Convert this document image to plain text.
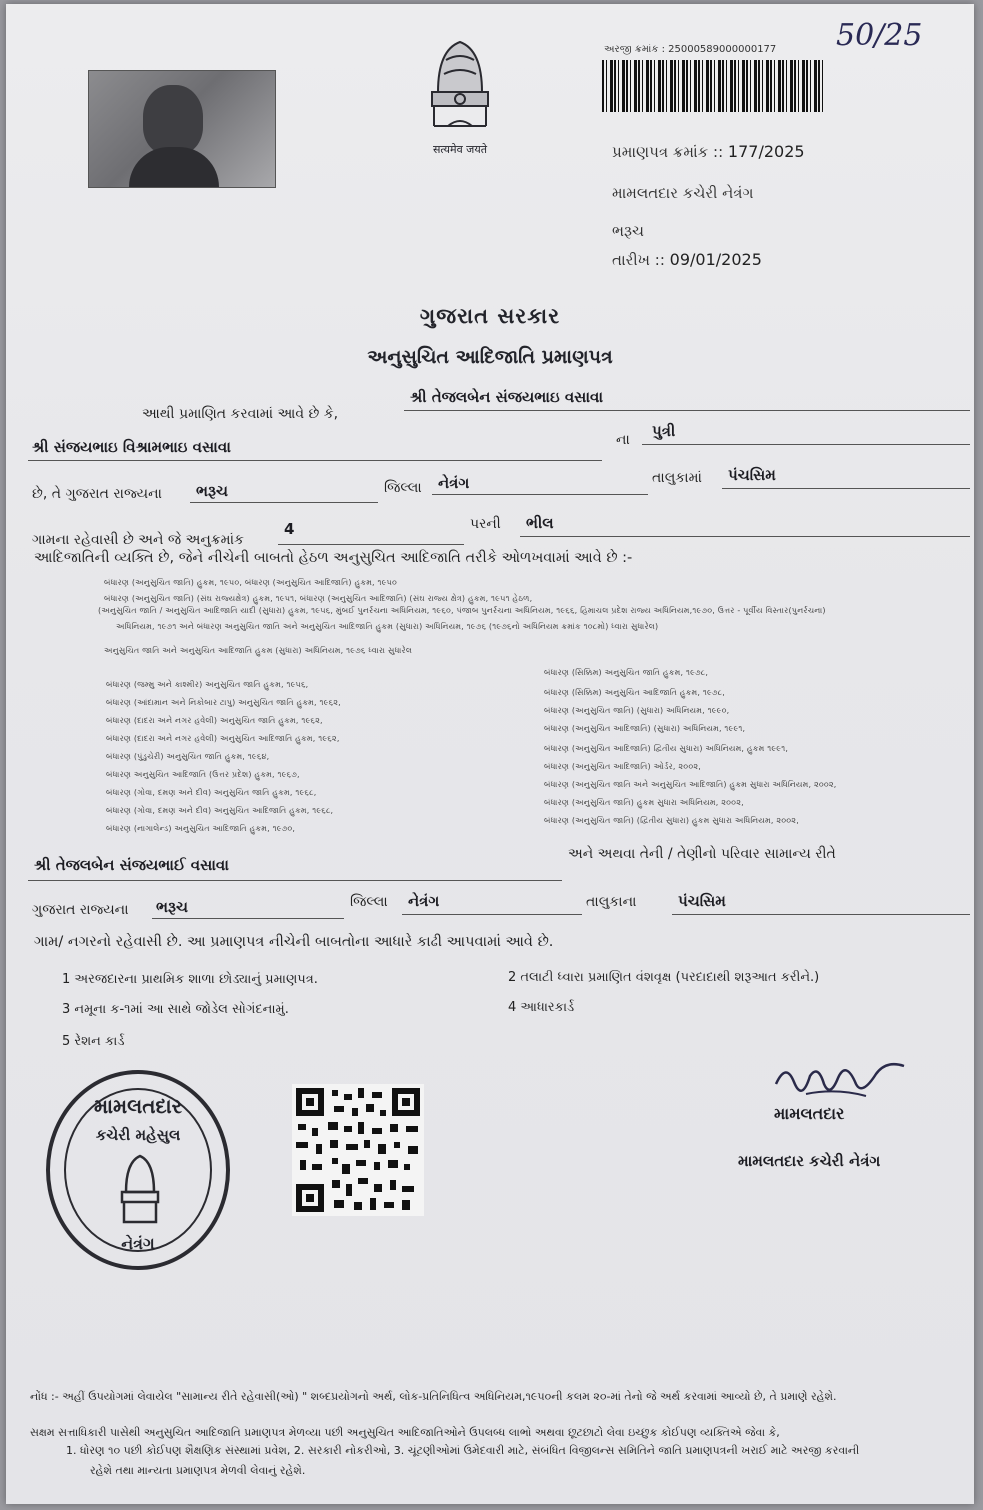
सत्यमेव जयते
અરજી ક્રમાંક : 25000589000000177 50/25
પ્રમાણપત્ર ક્રમાંક :: 177/2025
મામલતદાર કચેરી નેત્રંગ
ભરૂચ
તારીખ :: 09/01/2025
ગુજરાત સરકાર
અનુસુચિત આદિજાતિ પ્રમાણપત્ર
આથી પ્રમાણિત કરવામાં આવે છે કે,
શ્રી તેજલબેન સંજયભાઇ વસાવા
શ્રી સંજયભાઇ વિશ્રામભાઇ વસાવા	ના પુત્રી
છે, તે ગુજરાત રાજ્યના ભરૂચ	જિલ્લા નેત્રંગ	તાલુકામાં પંચસિમ
ગામના રહેવાસી છે અને જે અનુક્રમાંક
4	પરની ભીલ
આદિજાતિની વ્યક્તિ છે, જેને નીચેની બાબતો હેઠળ અનુસુચિત આદિજાતિ તરીકે ઓળખવામાં આવે છે :-
બંધારણ (અનુસુચિત જાતિ) હુકમ, ૧૯૫૦, બંધારણ (અનુસુચિત આદિજાતિ) હુકમ, ૧૯૫૦
બંધારણ (અનુસુચિત જાતિ) (સંઘ રાજ્યક્ષેત્ર) હુકમ, ૧૯૫૧, બંધારણ (અનુસુચિત આદિજાતિ) (સંઘ રાજ્ય ક્ષેત્ર) હુકમ, ૧૯૫૧ હેઠળ,
(અનુસુચિત જાતિ / અનુસુચિત આદિજાતિ યાદી (સુધારા) હુકમ, ૧૯૫૬, મુંબઈ પુનર્રચના અધિનિયમ, ૧૯૬૦, પંજાબ પુનર્રચના અધિનિયમ, ૧૯૬૬, હિમાચલ પ્રદેશ રાજ્ય અધિનિયમ,૧૯૭૦, ઉત્તર - પૂર્વીય વિસ્તાર(પુનર્રચના)
અધિનિયમ, ૧૯૭૧ અને બંધારણ અનુસુચિત જાતિ અને અનુસુચિત આદિજાતિ હુકમ (સુધારા) અધિનિયમ, ૧૯૭૬ (૧૯૭૬નો અધિનિયમ ક્રમાંક ૧૦૮મો) ધ્વારા સુધારેલ)
અનુસુચિત જાતિ અને અનુસુચિત આદિજાતિ હુકમ (સુધારા) અધિનિયમ, ૧૯૭૬ ધ્વારા સુધારેલ
બંધારણ (જમ્મુ અને કાશ્મીર) અનુસુચિત જાતિ હુકમ, ૧૯૫૬,
બંધારણ (આંદામાન અને નિકોબાર ટાપુ) અનુસુચિત જાતિ હુકમ, ૧૯૬૨,
બંધારણ (દાદરા અને નગર હવેલી) અનુસુચિત જાતિ હુકમ, ૧૯૬૨,
બંધારણ (દાદરા અને નગર હવેલી) અનુસુચિત આદિજાતિ હુકમ, ૧૯૬૨,
બંધારણ (પુંડુચેરી) અનુસુચિત જાતિ હુકમ, ૧૯૬૪,
બંધારણ અનુસુચિત આદિજાતિ (ઉત્તર પ્રદેશ) હુકમ, ૧૯૬૭,
બંધારણ (ગોવા, દમણ અને દીવ) અનુસુચિત જાતિ હુકમ, ૧૯૬૮,
બંધારણ (ગોવા, દમણ અને દીવ) અનુસુચિત આદિજાતિ હુકમ, ૧૯૬૮,
બંધારણ (નાગાલેન્ડ) અનુસુચિત આદિજાતિ હુકમ, ૧૯૭૦,
બંધારણ (સિક્કિમ) અનુસુચિત જાતિ હુકમ, ૧૯૭૮,
બંધારણ (સિક્કિમ) અનુસુચિત આદિજાતિ હુકમ, ૧૯૭૮,
બંધારણ (અનુસુચિત જાતિ) (સુધારા) અધિનિયમ, ૧૯૯૦,
બંધારણ (અનુસુચિત આદિજાતિ) (સુધારા) અધિનિયમ, ૧૯૯૧,
બંધારણ (અનુસુચિત આદિજાતિ) દ્વિતીય સુધારા) અધિનિયમ, હુકમ ૧૯૯૧,
બંધારણ (અનુસુચિત આદિજાતિ) ઓર્ડર, ૨૦૦૨,
બંધારણ (અનુસુચિત જાતિ અને અનુસુચિત આદિજાતિ) હુકમ સુધારા અધિનિયમ, ૨૦૦૨,
બંધારણ (અનુસુચિત જાતિ) હુકમ સુધારા અધિનિયમ, ૨૦૦૨,
બંધારણ (અનુસુચિત જાતિ) (દ્વિતીય સુધારા) હુકમ સુધારા અધિનિયમ, ૨૦૦૨,
શ્રી તેજલબેન સંજયભાઈ વસાવા
અને અથવા તેની / તેણીનો પરિવાર સામાન્ય રીતે
ગુજરાત રાજ્યના ભરૂચ	જિલ્લા નેત્રંગ	તાલુકાના	પંચસિમ
ગામ/ નગરનો રહેવાસી છે. આ પ્રમાણપત્ર નીચેની બાબતોના આધારે કાઢી આપવામાં આવે છે.
1 અરજદારના પ્રાથમિક શાળા છોડ્યાનું પ્રમાણપત્ર.	2 તલાટી ધ્વારા પ્રમાણિત વંશવૃક્ષ (પરદાદાથી શરૂઆત કરીને.)
3 નમૂના ક-૧માં આ સાથે જોડેલ સોગંદનામું.	4 આધારકાર્ડ
5 રેશન કાર્ડ
મામલતદાર
કચેરી મહેસુલ
નેત્રંગ
મામલતદાર
મામલતદાર કચેરી નેત્રંગ
નોંધ :- અહીં ઉપયોગમાં લેવાયેલ "સામાન્ય રીતે રહેવાસી(ઓ) " શબ્દપ્રયોગનો અર્થ, લોક-પ્રતિનિધિત્વ અધિનિયમ,૧૯૫૦ની કલમ ૨૦-માં તેનો જે અર્થ કરવામાં આવ્યો છે, તે પ્રમાણે રહેશે.
સક્ષમ સત્તાધિકારી પાસેથી અનુસુચિત આદિજાતિ પ્રમાણપત્ર મેળવ્યા પછી અનુસુચિત આદિજાતિઓને ઉપલબ્ધ લાભો અથવા છૂટછાટો લેવા ઇચ્છુક કોઈપણ વ્યક્તિએ જેવા કે,
1. ધોરણ ૧૦ પછી કોઈપણ શૈક્ષણિક સંસ્થામાં પ્રવેશ, 2. સરકારી નોકરીઓ, 3. ચૂંટણીઓમાં ઉમેદવારી માટે, સંબંધિત વિજીલન્સ સમિતિને જાતિ પ્રમાણપત્રની ખરાઈ માટે અરજી કરવાની
રહેશે તથા માન્યતા પ્રમાણપત્ર મેળવી લેવાનું રહેશે.
